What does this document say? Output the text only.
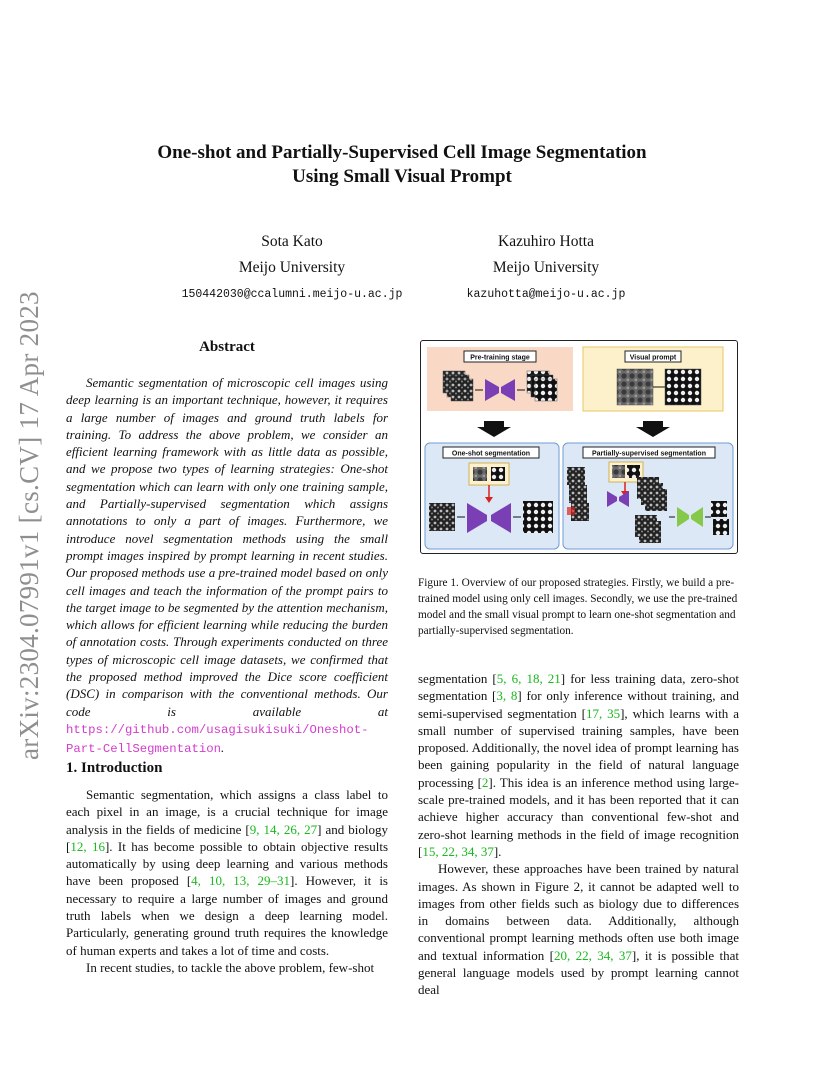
arXiv:2304.07991v1 [cs.CV] 17 Apr 2023
One-shot and Partially-Supervised Cell Image Segmentation
Using Small Visual Prompt
Sota Kato
Meijo University
150442030@ccalumni.meijo-u.ac.jp
Kazuhiro Hotta
Meijo University
kazuhotta@meijo-u.ac.jp
Abstract

Semantic segmentation of microscopic cell images using deep learning is an important technique, however, it requires a large number of images and ground truth labels for training. To address the above problem, we consider an efficient learning framework with as little data as possible, and we propose two types of learning strategies: One-shot segmentation which can learn with only one training sample, and Partially-supervised segmentation which assigns annotations to only a part of images. Furthermore, we introduce novel segmentation methods using the small prompt images inspired by prompt learning in recent studies. Our proposed methods use a pre-trained model based on only cell images and teach the information of the prompt pairs to the target image to be segmented by the attention mechanism, which allows for efficient learning while reducing the burden of annotation costs. Through experiments conducted on three types of microscopic cell image datasets, we confirmed that the proposed method improved the Dice score coefficient (DSC) in comparison with the conventional methods. Our code is available at https://github.com/usagisukisuki/Oneshot-Part-CellSegmentation.

1. Introduction

Semantic segmentation, which assigns a class label to each pixel in an image, is a crucial technique for image analysis in the fields of medicine [9, 14, 26, 27] and biology [12, 16]. It has become possible to obtain objective results automatically by using deep learning and various methods have been proposed [4, 10, 13, 29–31]. However, it is necessary to require a large number of images and ground truth labels when we design a deep learning model. Particularly, generating ground truth requires the knowledge of human experts and takes a lot of time and costs.

In recent studies, to tackle the above problem, few-shot

Pre-training stage	Visual prompt
One-shot segmentation	Partially-supervised segmentation
Figure 1. Overview of our proposed strategies. Firstly, we build a pre-trained model using only cell images. Secondly, we use the pre-trained model and the small visual prompt to learn one-shot segmentation and partially-supervised segmentation.

segmentation [5, 6, 18, 21] for less training data, zero-shot segmentation [3, 8] for only inference without training, and semi-supervised segmentation [17, 35], which learns with a small number of supervised training samples, have been proposed. Additionally, the novel idea of prompt learning has been gaining popularity in the field of natural language processing [2]. This idea is an inference method using large-scale pre-trained models, and it has been reported that it can achieve higher accuracy than conventional few-shot and zero-shot learning methods in the field of image recognition [15, 22, 34, 37].

However, these approaches have been trained by natural images. As shown in Figure 2, it cannot be adapted well to images from other fields such as biology due to differences in domains between data. Additionally, although conventional prompt learning methods often use both image and textual information [20, 22, 34, 37], it is possible that general language models used by prompt learning cannot deal
